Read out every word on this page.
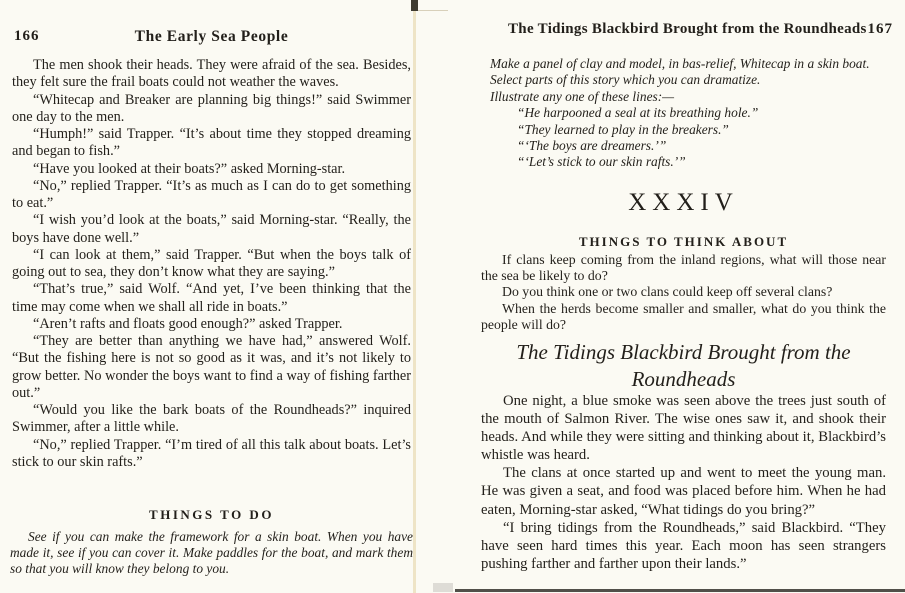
166	The Early Sea People

The men shook their heads. They were afraid of the sea. Besides, they felt sure the frail boats could not weather the waves.

“Whitecap and Breaker are planning big things!” said Swimmer one day to the men.

“Humph!” said Trapper. “It’s about time they stopped dreaming and began to fish.”

“Have you looked at their boats?” asked Morning-star.

“No,” replied Trapper. “It’s as much as I can do to get something to eat.”

“I wish you’d look at the boats,” said Morning-star. “Really, the boys have done well.”

“I can look at them,” said Trapper. “But when the boys talk of going out to sea, they don’t know what they are saying.”

“That’s true,” said Wolf. “And yet, I’ve been thinking that the time may come when we shall all ride in boats.”

“Aren’t rafts and floats good enough?” asked Trapper.

“They are better than anything we have had,” answered Wolf. “But the fishing here is not so good as it was, and it’s not likely to grow better. No wonder the boys want to find a way of fishing farther out.”

“Would you like the bark boats of the Roundheads?” inquired Swimmer, after a little while.

“No,” replied Trapper. “I’m tired of all this talk about boats. Let’s stick to our skin rafts.”

THINGS TO DO

See if you can make the framework for a skin boat. When you have made it, see if you can cover it. Make paddles for the boat, and mark them so that you will know they belong to you.

The Tidings Blackbird Brought from the Roundheads 167
Make a panel of clay and model, in bas-relief, Whitecap in a skin boat.
Select parts of this story which you can dramatize.
Illustrate any one of these lines:—
“He harpooned a seal at its breathing hole.”
“They learned to play in the breakers.”
“‘The boys are dreamers.’”
“‘Let’s stick to our skin rafts.’”
XXXIV
THINGS TO THINK ABOUT

If clans keep coming from the inland regions, what will those near the sea be likely to do?

Do you think one or two clans could keep off several clans?

When the herds become smaller and smaller, what do you think the people will do?

The Tidings Blackbird Brought from the
Roundheads

One night, a blue smoke was seen above the trees just south of the mouth of Salmon River. The wise ones saw it, and shook their heads. And while they were sitting and thinking about it, Blackbird’s whistle was heard.

The clans at once started up and went to meet the young man. He was given a seat, and food was placed before him. When he had eaten, Morning-star asked, “What tidings do you bring?”

“I bring tidings from the Roundheads,” said Blackbird. “They have seen hard times this year. Each moon has seen strangers pushing farther and farther upon their lands.”
